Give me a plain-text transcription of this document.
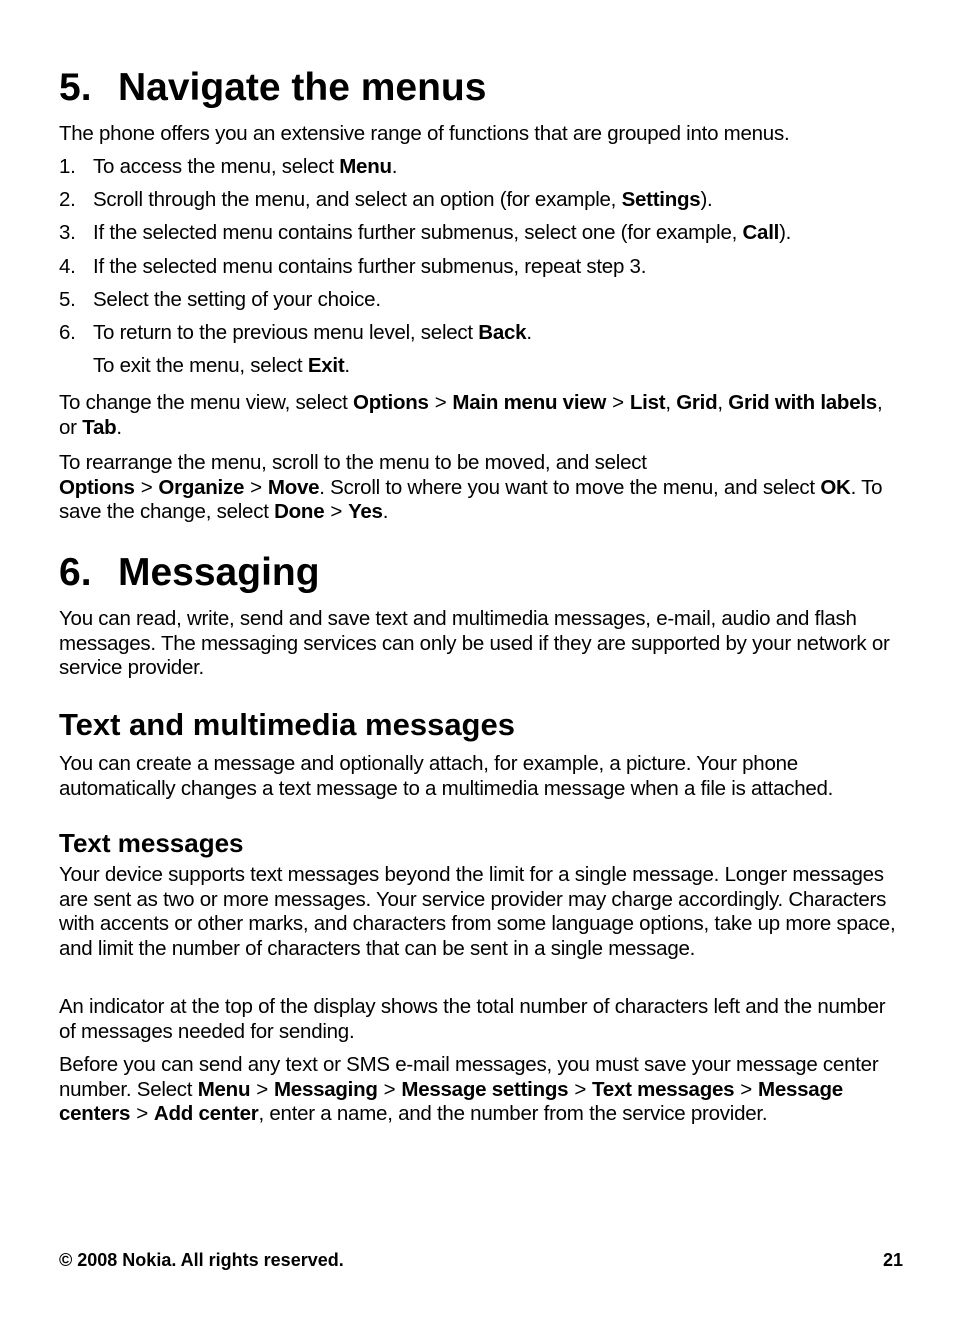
5. Navigate the menus

The phone offers you an extensive range of functions that are grouped into menus.

1. To access the menu, select Menu.
2. Scroll through the menu, and select an option (for example, Settings).
3. If the selected menu contains further submenus, select one (for example, Call).
4. If the selected menu contains further submenus, repeat step 3.
5. Select the setting of your choice.
6. To return to the previous menu level, select Back.
To exit the menu, select Exit.

To change the menu view, select Options > Main menu view > List, Grid, Grid with labels, or Tab.

To rearrange the menu, scroll to the menu to be moved, and select Options > Organize > Move. Scroll to where you want to move the menu, and select OK. To save the change, select Done > Yes.

6. Messaging

You can read, write, send and save text and multimedia messages, e-mail, audio and flash messages. The messaging services can only be used if they are supported by your network or service provider.

Text and multimedia messages

You can create a message and optionally attach, for example, a picture. Your phone automatically changes a text message to a multimedia message when a file is attached.

Text messages

Your device supports text messages beyond the limit for a single message. Longer messages are sent as two or more messages. Your service provider may charge accordingly. Characters with accents or other marks, and characters from some language options, take up more space, and limit the number of characters that can be sent in a single message.

An indicator at the top of the display shows the total number of characters left and the number of messages needed for sending.

Before you can send any text or SMS e-mail messages, you must save your message center number. Select Menu > Messaging > Message settings > Text messages > Message centers > Add center, enter a name, and the number from the service provider.

© 2008 Nokia. All rights reserved.	21
